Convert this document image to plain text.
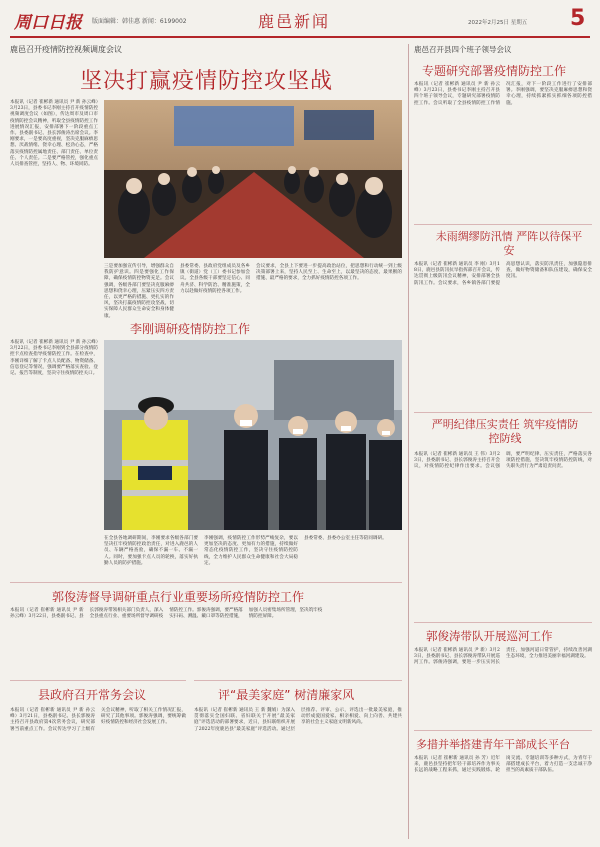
周口日报 版面编辑：韩佳惠 新闻：6199002	鹿邑新闻	2022年2月25日 星期五 5
鹿邑召开疫情防控视频调度会议
坚决打赢疫情防控攻坚战
本报讯（记者 崔彬新 通讯员 尹 新 孙云峰）3月23日，县委书记李刚主持召开疫情防控视频调度会议（如图），传达周市及周口市疫情防控会议精神，听取全县疫情防控工作进展情况汇报，安排部署下一阶段重点工作。县委副书记、县长郭俊涛出席会议。李刚要求，一是要高度重视，坚决克服麻痹思想、厌战情绪、侥幸心理、松劲心态，严格落实疫情防控属地责任、部门责任、单位责任、个人责任。二是要严格管控，强化重点人员排查管控，坚持人、物、环境同防。
三是要加强宣传引导，增强群众自我防护意识。四是要强化工作保障，确保疫情防控物资充足。会议强调，各级各部门要坚决克服麻痹思想和侥幸心理，压紧压实四方责任，以更严格的措施、更扎实的作风，坚决打赢疫情防控攻坚战，切实保障人民群众生命安全和身体健康。
县委常委、县政府党组成员及各乡镇（街道）党（工）委书记参加会议。全县各级干部要坚定信心、同舟共济、科学防治、精准施策，全力以赴做好疫情防控各项工作。
会议要求，全县上下要进一步提高政治站位，把思想和行动统一到上级决策部署上来，坚持人民至上、生命至上，以最坚决的态度、最果断的措施、最严格的要求，全力抓好疫情防控各项工作。
李刚调研疫情防控工作
本报讯（记者 崔彬新 通讯员 尹 新 孙云峰）3月22日，县委书记李刚到全县部分疫情防控卡点检查指导疫情防控工作。在检查中，李刚详细了解了卡点人员配备、物资储备、信息登记等情况，强调要严格落实查验、登记、报告等制度，坚决守住疫情防控关口。
在全县各地调研期间，李刚要求各级各部门要坚决扛牢疫情防控政治责任，对进入鹿邑的人员、车辆严格查验，确保不漏一车、不漏一人。同时，要加强卡点人员的轮换，落实好执勤人员的防护措施。
李刚强调，疫情防控工作形势严峻复杂，要以更加坚决的态度、更加有力的措施，持续做好常态化疫情防控工作，坚决守住疫情防控防线，全力维护人民群众生命健康和社会大局稳定。
县委常委、县委办公室主任等陪同调研。
郭俊涛督导调研重点行业重要场所疫情防控工作
本报讯（记者 崔彬新 通讯员 尹 新 孙云峰）3月22日，县委副书记、县长郭俊涛带领相关部门负责人，深入全县重点行业、重要场所督导调研疫情防控工作。郭俊涛强调，要严格落实扫码、测温、戴口罩等防控措施，加强人员密集场所管理，坚决筑牢疫情防控屏障。
县政府召开常务会议
本报讯（记者 崔彬新 通讯员 尹 新 孙云峰）3月21日，县委副书记、县长郭俊涛主持召开县政府第4次常务会议，研究部署当前重点工作。会议传达学习了上级有关会议精神，听取了相关工作情况汇报，研究了其他事项。郭俊涛强调，要统筹做好疫情防控和经济社会发展工作。
评“最美家庭” 树清廉家风
本报讯（记者 崔彬新 通讯员 王 新 魏娟）为深入贯彻落实全国妇联、省妇联关于开展“最美家庭”评选活动的部署要求，近日，县妇联组织开展了2022年度鹿邑县“最美家庭”评选活动。通过层层推荐、评审、公示，评选出一批最美家庭，推动形成爱国爱家、相亲相爱、向上向善、共建共享的社会主义家庭文明新风尚。
鹿邑召开县四个班子领导会议
专题研究部署疫情防控工作
本报讯（记者 崔彬新 通讯员 尹 新 孙云峰）3月23日，县委书记李刚主持召开县四个班子领导会议，专题研究部署疫情防控工作。会议听取了全县疫情防控工作情况汇报，对下一阶段工作进行了安排部署。李刚强调，要坚决克服麻痹思想和侥幸心理，持续抓紧抓实抓细各项防控措施。
未雨绸缪防汛情 严阵以待保平安
本报讯（记者 崔彬新 通讯员 李 刚）3月18日，鹿邑县防汛抗旱指挥部召开会议，传达贯彻上级防汛会议精神，安排部署全县防汛工作。会议要求，各乡镇各部门要提高思想认识，落实防汛责任，加强隐患排查，做好物资储备和队伍建设，确保安全度汛。
严明纪律压实责任 筑牢疫情防控防线
本报讯（记者 崔彬新 通讯员 王 伟）3月23日，县委副书记、县长郭俊涛主持召开会议，对疫情防控纪律作出要求。会议强调，要严明纪律、压实责任，严格落实各项防控措施，坚决筑牢疫情防控防线，对失职失责行为严肃追责问责。
郭俊涛带队开展巡河工作
本报讯（记者 崔彬新 通讯员 尹 新）3月23日，县委副书记、县长郭俊涛带队开展巡河工作。郭俊涛强调，要进一步压实河长责任，加强河道日常管护，持续改善河湖生态环境，全力推进美丽幸福河湖建设。
多措并举搭建青年干部成长平台
本报讯（记者 崔彬新 通讯员 孙 芳）近年来，鹿邑县坚持把年轻干部培养作为事关长远的战略工程来抓，通过实践锻炼、轮岗交流、专题培训等多种方式，为青年干部搭建成长平台，着力打造一支忠诚干净担当的高素质干部队伍。
